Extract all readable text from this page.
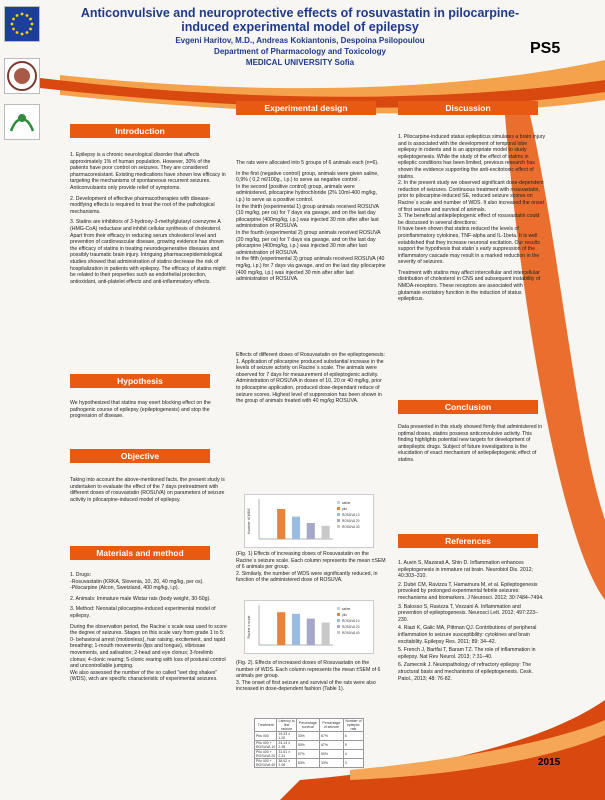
Anticonvulsive and neuroprotective effects of rosuvastatin in pilocarpine-induced experimental model of epilepsy
Evgeni Haritov, M.D., Andreas Kokiantonis, Despoina Psilopoulou
Department of Pharmacology and Toxicology
MEDICAL UNIVERSITY Sofia
PS5
Introduction

1. Epilepsy is a chronic neurological disorder that affects approximately 1% of human population. However, 30% of the patients have poor control on seizures. They are considered pharmacoresistant. Existing medications have shown low efficacy in targeting the mechanisms of spontaneous recurrent seizures. Anticonvulsants only provide relief of symptoms.

2. Development of effective pharmacotherapies with disease-modifying effects is required to treat the root of the pathological mechanisms.

3. Statins are inhibitors of 3-hydroxy-3-methylglutaryl coenzyme A (HMG-CoA) reductase and inhibit cellular synthesis of cholesterol. Apart from their efficacy in reducing serum cholesterol level and prevention of cardiovascular disease, growing evidence has shown the efficacy of statins in treating neurodegenerative diseases and possibly traumatic brain injury. Intriguing pharmacoepidemiological studies showed that administration of statins decrease the risk of hospitalization in patients with epilepsy. The efficacy of statins might be related to their properties such as endothelial protection, antioxidant, anti-platelet effects and anti-inflammatory effects.

Hypothesis
We hypothesized that statins may exert blocking effect on the pathogenic course of epilepsy (epileptogenesis) and stop the progression of disease.
Objective
Taking into account the above-mentioned facts, the present study is undertaken to evaluate the effect of the 7 days pretreatment with different doses of rosuvastatin (ROSUVA) on parameters of seizure activity in pilocarpine-induced model of epilepsy.
Materials and method

1. Drugs:

-Rosuvastatin (KRKA, Slovenia, 10, 20, 40 mg/kg, per os).

-Pilocarpine (Alcon, Swetzland, 400 mg/kg, i.p).

2. Animals: Immature male Wistar rats (body weight, 30-50g).

3. Method: Neonatal pilocarpine-induced experimental model of epilepsy.

During the observation period, the Racine`s scale was used to score the degree of seizures. Stages on this scale vary from grade 1 to 5: 0- behavioral arrest (motionless), hair raising, excitement, and rapid breathing; 1-mouth movements (lips and tongue), vibrissae movements, and salivation; 2-head and eye clonus; 3-forelimb clonus; 4-clonic rearing; 5-clonic rearing with loss of postural control and uncontrollable jumping.

We also assessed the number of the so called "wet dog shakes" (WDS), wich are specific characteristic of experimental seizures.

Experimental design

The rats were allocated into 5 groups of 6 animals each (n=6).

In the first (negative control) group, animals were given saline, 0,9% ( 0,2 ml/100g., i.p.) to serve as negative control .

In the second (positive control) group, animals were administered, pilocarpine hydrochloride (2% 10ml-400 mg/kg, i.p.) to serve as a positive control.

In the thirth (experimental 1) group animals received ROSUVA (10 mg/kg, per os) for 7 days via gavage, and on the last day pilocarpine (400mg/kg, i.p.) was injected 30 min after after last administration of ROSUVA.

In the fourth (experimental 2) group animals received ROSUVA (20 mg/kg, per os) for 7 days via gavage, and on the last day pilocarpine (400mg/kg, i.p.) was injected 30 min after last administration of ROSUVA.

In the fifth (experimental 3) group animals received ROSUVA (40 mg/kg, i.p.) for 7 days via gavage, and on the last day pilocarpine (400 mg/kg, i.p.) was injected 30 min after after last administration of ROSUVA.

Effects of different doses of Rosuvastatin on the epileptogenesis:

1. Application of pilocarpine produced substantial increase in the levels of seizure activity on Racine`s scale. The animals were observed for 7 days for measurement of epileptogenic activity. Administration of ROSUVA in doses of 10, 20 or 40 mg/kg, prior to pilocarpine application, produced dose-dependant reduce of seizure scores. Highest level of suppression has been shown in the group of animals treated with 40 mg/kg ROSUVA.

Number of WDS
saline
pilo
ROSUVA 10
ROSUVA 20
ROSUVA 40

(Fig. 1) Effects of increasing doses of Rosuvastatin on the Racine`s seizure scale. Each column represents the mean ±SEM of 6 animals per group.

2. Similarly, the number of WDS were significantly reduced, in function of the administered dose of ROSUVA.

Racine`s scale
saline
pilo
ROSUVA 10
ROSUVA 20
ROSUVA 40

(Fig. 2). Effects of increased doses of Rosuvastatin on the number of WDS. Each column represents the mean ±SEM of 6 animals per group.

3. The onset of first seizure and survival of the rats were also increased in dose-dependent fashion (Table 1).

Treatment	Latency to first seizure	Percentage survival	Percentage of seizure	Number of epileptic rats
Pilo 400	19.33 ± 1.20	33%	67%	6
Pilo 400 + ROSUVA 10	24.14 ± 2.38	50%	67%	5
Pilo 400 + ROSUVA 20	31.61 ± 2.31	67%	50%	4
Pilo 400 + ROSUVA 40	38.02 ± 2.08	83%	33%	3
Discussion

1. Pilocarpine-induced status epilepticus simulates a brain injury and is associated with the development of temporal lobe epilepsy in rodents and is an appropriate model to study epileptogenesis. While the study of the effect of statins in epileptic conditions has been limited, previous research has shown the evidence supporting the anti-excitotoxic effect of statins.

2. In the present study we observed significant dose-dependent reduction of seizures. Continuous treatment with rosuvastatin, prior to pilocarpine-induced SE, reduced seizure scores on Racine`s scale and number of WDS. It also increased the onset of first seizure and survival of animals.

3. The beneficial antiepileptogenic effect of rosuvastatin could be discussed in several directions:

It have been shown that statins reduced the levels of proinflammatory cytokines, TNF-alpha and IL-1beta. It is well established that they increase neuronal excitation. Our results support the hypothesis that statin`s early suppression of the inflammatory cascade may result in a marked reduction in the severity of seizures.

Treatment with statins may affect intercellular and intercellular distribution of cholesterol in CNS and subsequent instability of NMDA-receptors. These receptors are associated with glutamate excitatory function in the induction of status epilepticus.

Conclusion
Data presented in this study showed firmly that administered in optimal doses, statins possess anticonvulsive activity. This finding highlights potential new targets for development of antiepileptic drugs. Subject of future investigations is the elucidation of exact mechanism of antiepileptogenic effect of statins.
References

1. Auvin S, Mazarati A, Shin D. Inflammation enhances epileptogenesis in immature rat brain. Neurobiol Dis. 2012; 40:303–310.

2. Dubé CM, Ravizza T, Hamamura M, et al. Epileptogenesis provoked by prolonged experimental febrile seizures: mechanisms and biomarkers. J Neurosci. 2012; 30:7484–7494.

3. Balosso S, Ravizza T, Vezzani A. Inflammation and prevention of epileptogenesis. Neurosci Lett. 2012; 497:223–230.

4. Riazi K, Galic MA, Pittman QJ. Contributions of peripheral inflammation to seizure susceptibility: cytokines and brain excitability. Epilepsy Res. 2011; 89: 34–42.

5. French J, Bartfai T, Baram TZ. The role of inflammation in epilepsy. Nat Rev Neurol. 2013; 7:31–40.

6. Zamecnik J. Neuropathology of refractory epilepsy: The structural basis and mechanisms of epileptogenesis. Cesk. Patol., 2013; 48: 76-82.

2015
